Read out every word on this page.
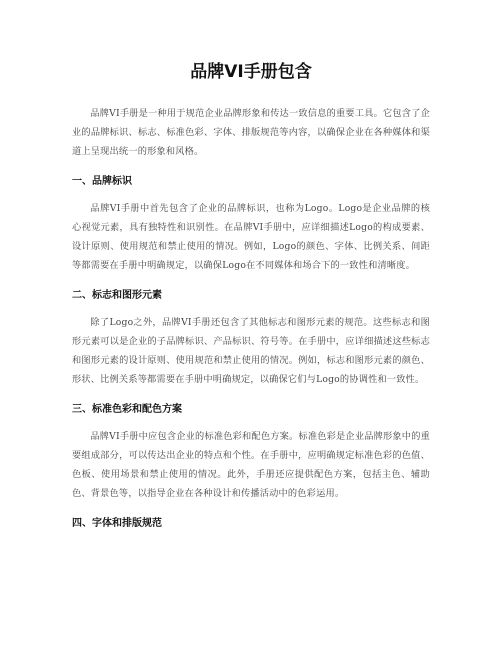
品牌VI手册包含

品牌VI手册是一种用于规范企业品牌形象和传达一致信息的重要工具。它包含了企业的品牌标识、标志、标准色彩、字体、排版规范等内容，以确保企业在各种媒体和渠道上呈现出统一的形象和风格。

一、品牌标识

品牌VI手册中首先包含了企业的品牌标识，也称为Logo。Logo是企业品牌的核心视觉元素，具有独特性和识别性。在品牌VI手册中，应详细描述Logo的构成要素、设计原则、使用规范和禁止使用的情况。例如，Logo的颜色、字体、比例关系、间距等都需要在手册中明确规定，以确保Logo在不同媒体和场合下的一致性和清晰度。

二、标志和图形元素

除了Logo之外，品牌VI手册还包含了其他标志和图形元素的规范。这些标志和图形元素可以是企业的子品牌标识、产品标识、符号等。在手册中，应详细描述这些标志和图形元素的设计原则、使用规范和禁止使用的情况。例如，标志和图形元素的颜色、形状、比例关系等都需要在手册中明确规定，以确保它们与Logo的协调性和一致性。

三、标准色彩和配色方案

品牌VI手册中应包含企业的标准色彩和配色方案。标准色彩是企业品牌形象中的重要组成部分，可以传达出企业的特点和个性。在手册中，应明确规定标准色彩的色值、色板、使用场景和禁止使用的情况。此外，手册还应提供配色方案，包括主色、辅助色、背景色等，以指导企业在各种设计和传播活动中的色彩运用。

四、字体和排版规范
